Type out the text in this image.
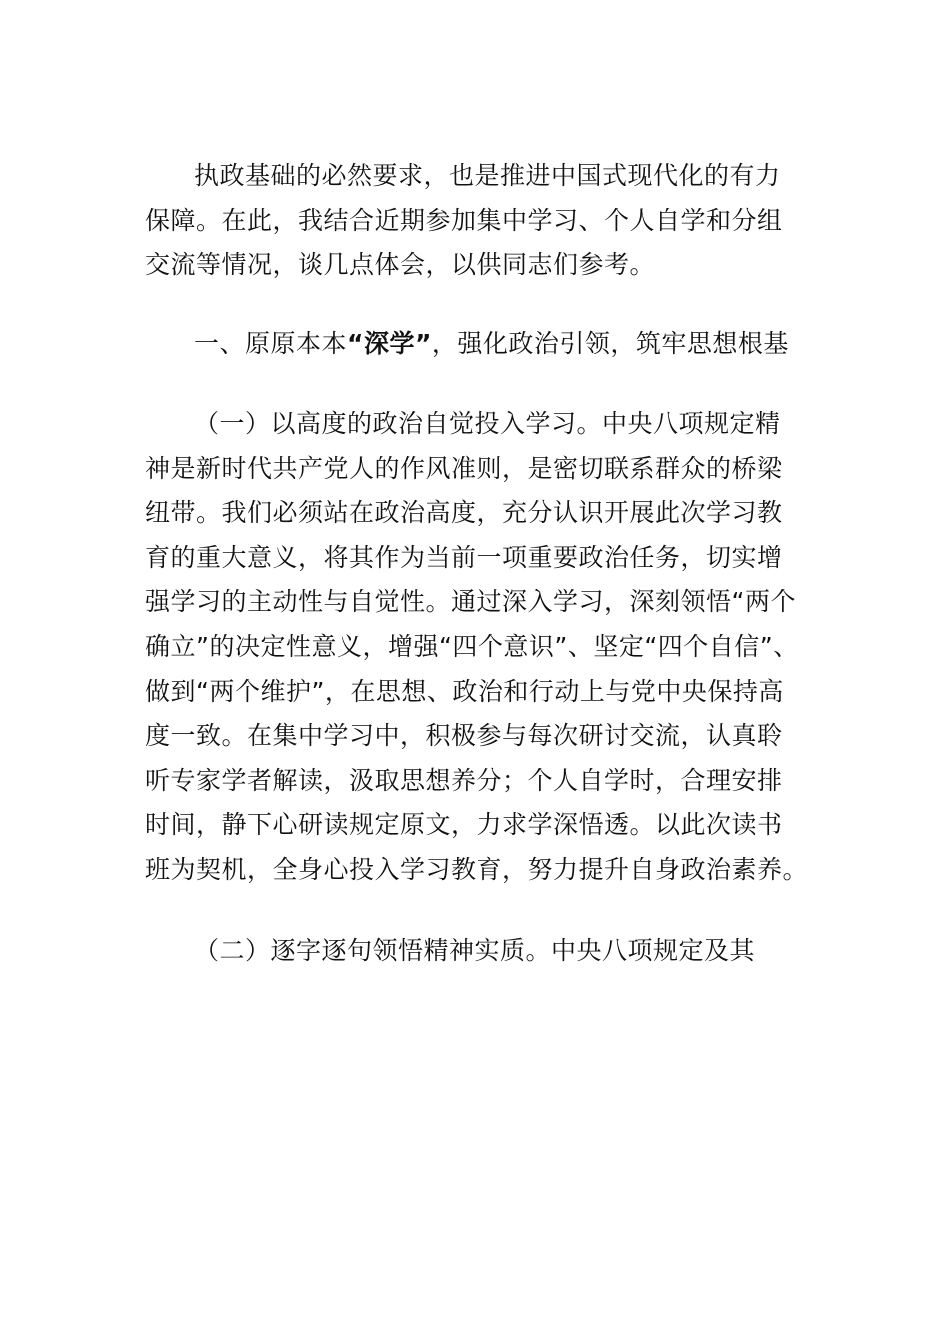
执政基础的必然要求，也是推进中国式现代化的有力
保障。在此，我结合近期参加集中学习、个人自学和分组
交流等情况，谈几点体会，以供同志们参考。
一、原原本本“深学”，强化政治引领，筑牢思想根基
（一）以高度的政治自觉投入学习。中央八项规定精
神是新时代共产党人的作风准则，是密切联系群众的桥梁
纽带。我们必须站在政治高度，充分认识开展此次学习教
育的重大意义，将其作为当前一项重要政治任务，切实增
强学习的主动性与自觉性。通过深入学习，深刻领悟“两个
确立”的决定性意义，增强“四个意识”、坚定“四个自信”、
做到“两个维护”，在思想、政治和行动上与党中央保持高
度一致。在集中学习中，积极参与每次研讨交流，认真聆
听专家学者解读，汲取思想养分；个人自学时，合理安排
时间，静下心研读规定原文，力求学深悟透。以此次读书
班为契机，全身心投入学习教育，努力提升自身政治素养。
（二）逐字逐句领悟精神实质。中央八项规定及其
